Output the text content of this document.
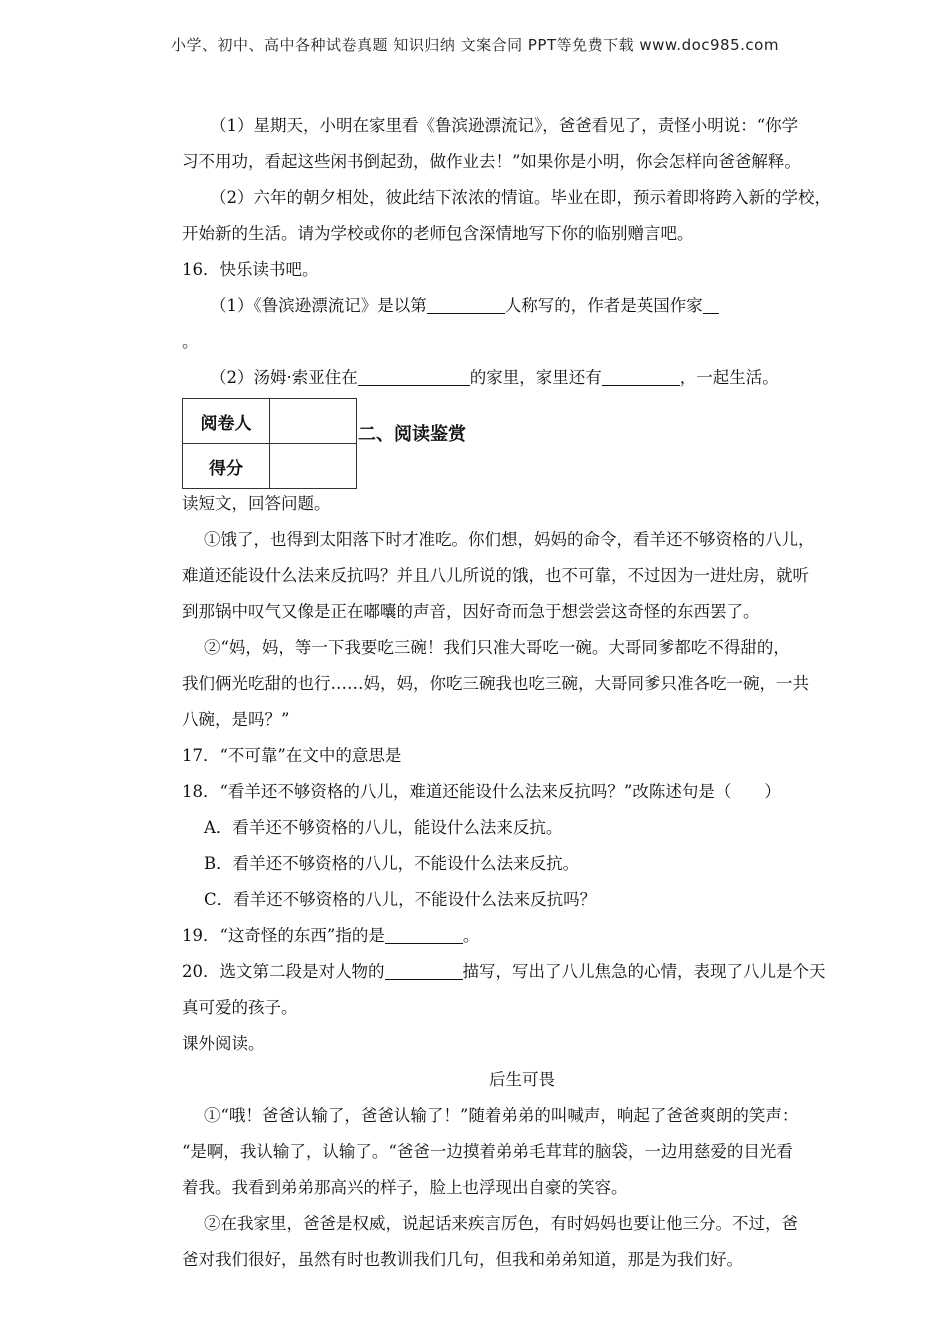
小学、初中、高中各种试卷真题 知识归纳 文案合同 PPT等免费下载 www.doc985.com
（1）星期天，小明在家里看《鲁滨逊漂流记》，爸爸看见了，责怪小明说：“你学
习不用功，看起这些闲书倒起劲，做作业去！”如果你是小明，你会怎样向爸爸解释。
（2）六年的朝夕相处，彼此结下浓浓的情谊。毕业在即，预示着即将跨入新的学校，
开始新的生活。请为学校或你的老师包含深情地写下你的临别赠言吧。
16．快乐读书吧。
（1）《鲁滨逊漂流记》是以第	人称写的，作者是英国作家
。
（2）汤姆·索亚住在	的家里，家里还有	，一起生活。
阅卷人	
得分	
二、阅读鉴赏
读短文，回答问题。
①饿了，也得到太阳落下时才准吃。你们想，妈妈的命令，看羊还不够资格的八儿，
难道还能设什么法来反抗吗？并且八儿所说的饿，也不可靠，不过因为一进灶房，就听
到那锅中叹气又像是正在嘟囔的声音，因好奇而急于想尝尝这奇怪的东西罢了。
②“妈，妈，等一下我要吃三碗！我们只准大哥吃一碗。大哥同爹都吃不得甜的，
我们俩光吃甜的也行……妈，妈，你吃三碗我也吃三碗，大哥同爹只准各吃一碗，一共
八碗，是吗？”
17．“不可靠”在文中的意思是
18．“看羊还不够资格的八儿，难道还能设什么法来反抗吗？”改陈述句是（　　）
A．看羊还不够资格的八儿，能设什么法来反抗。
B．看羊还不够资格的八儿，不能设什么法来反抗。
C．看羊还不够资格的八儿，不能设什么法来反抗吗？
19．“这奇怪的东西”指的是	。
20．选文第二段是对人物的	描写，写出了八儿焦急的心情，表现了八儿是个天
真可爱的孩子。
课外阅读。
后生可畏
①“哦！爸爸认输了，爸爸认输了！”随着弟弟的叫喊声，响起了爸爸爽朗的笑声：
“是啊，我认输了，认输了。“爸爸一边摸着弟弟毛茸茸的脑袋，一边用慈爱的目光看
着我。我看到弟弟那高兴的样子，脸上也浮现出自豪的笑容。
②在我家里，爸爸是权威，说起话来疾言厉色，有时妈妈也要让他三分。不过，爸
爸对我们很好，虽然有时也教训我们几句，但我和弟弟知道，那是为我们好。
